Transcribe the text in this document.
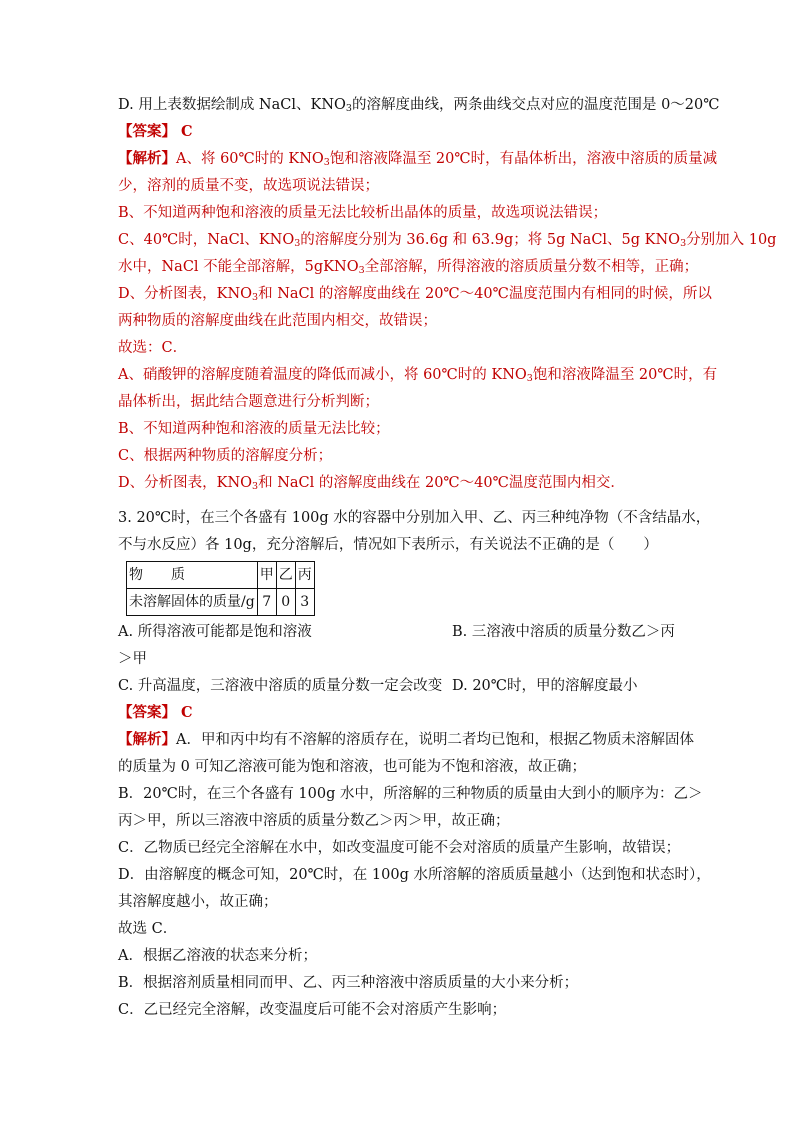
D. 用上表数据绘制成 NaCl、$KNO_3$的溶解度曲线，两条曲线交点对应的温度范围是 0～20℃
【答案】 C
【解析】A、将 60℃时的 $KNO_3$饱和溶液降温至 20℃时，有晶体析出，溶液中溶质的质量减
少，溶剂的质量不变，故选项说法错误；
B、不知道两种饱和溶液的质量无法比较析出晶体的质量，故选项说法错误；
C、40℃时，NaCl、$KNO_3$的溶解度分别为 36.6g 和 63.9g；将 5g NaCl、5g $KNO_3$分别加入 10g
水中，NaCl 不能全部溶解，5gKNO$_3$全部溶解，所得溶液的溶质质量分数不相等，正确；
D、分析图表，$KNO_3$和 NaCl 的溶解度曲线在 20℃～40℃温度范围内有相同的时候，所以
两种物质的溶解度曲线在此范围内相交，故错误；
故选：C．
A、硝酸钾的溶解度随着温度的降低而减小，将 60℃时的 $KNO_3$饱和溶液降温至 20℃时，有
晶体析出，据此结合题意进行分析判断；
B、不知道两种饱和溶液的质量无法比较；
C、根据两种物质的溶解度分析；
D、分析图表，$KNO_3$和 NaCl 的溶解度曲线在 20℃～40℃温度范围内相交．
3. 20℃时，在三个各盛有 100g 水的容器中分别加入甲、乙、丙三种纯净物（不含结晶水，
不与水反应）各 10g，充分溶解后，情况如下表所示，有关说法不正确的是（　　）
物　　质	甲	乙	丙
未溶解固体的质量/g	7	0	3
A. 所得溶液可能都是饱和溶液	B. 三溶液中溶质的质量分数乙＞丙
＞甲
C. 升高温度，三溶液中溶质的质量分数一定会改变 D. 20℃时，甲的溶解度最小
【答案】 C
【解析】A．甲和丙中均有不溶解的溶质存在，说明二者均已饱和，根据乙物质未溶解固体
的质量为 0 可知乙溶液可能为饱和溶液，也可能为不饱和溶液，故正确；
B．20℃时，在三个各盛有 100g 水中，所溶解的三种物质的质量由大到小的顺序为：乙＞
丙＞甲，所以三溶液中溶质的质量分数乙＞丙＞甲，故正确；
C．乙物质已经完全溶解在水中，如改变温度可能不会对溶质的质量产生影响，故错误；
D．由溶解度的概念可知，20℃时，在 100g 水所溶解的溶质质量越小（达到饱和状态时），
其溶解度越小，故正确；
故选 C．
A．根据乙溶液的状态来分析；
B．根据溶剂质量相同而甲、乙、丙三种溶液中溶质质量的大小来分析；
C．乙已经完全溶解，改变温度后可能不会对溶质产生影响；
